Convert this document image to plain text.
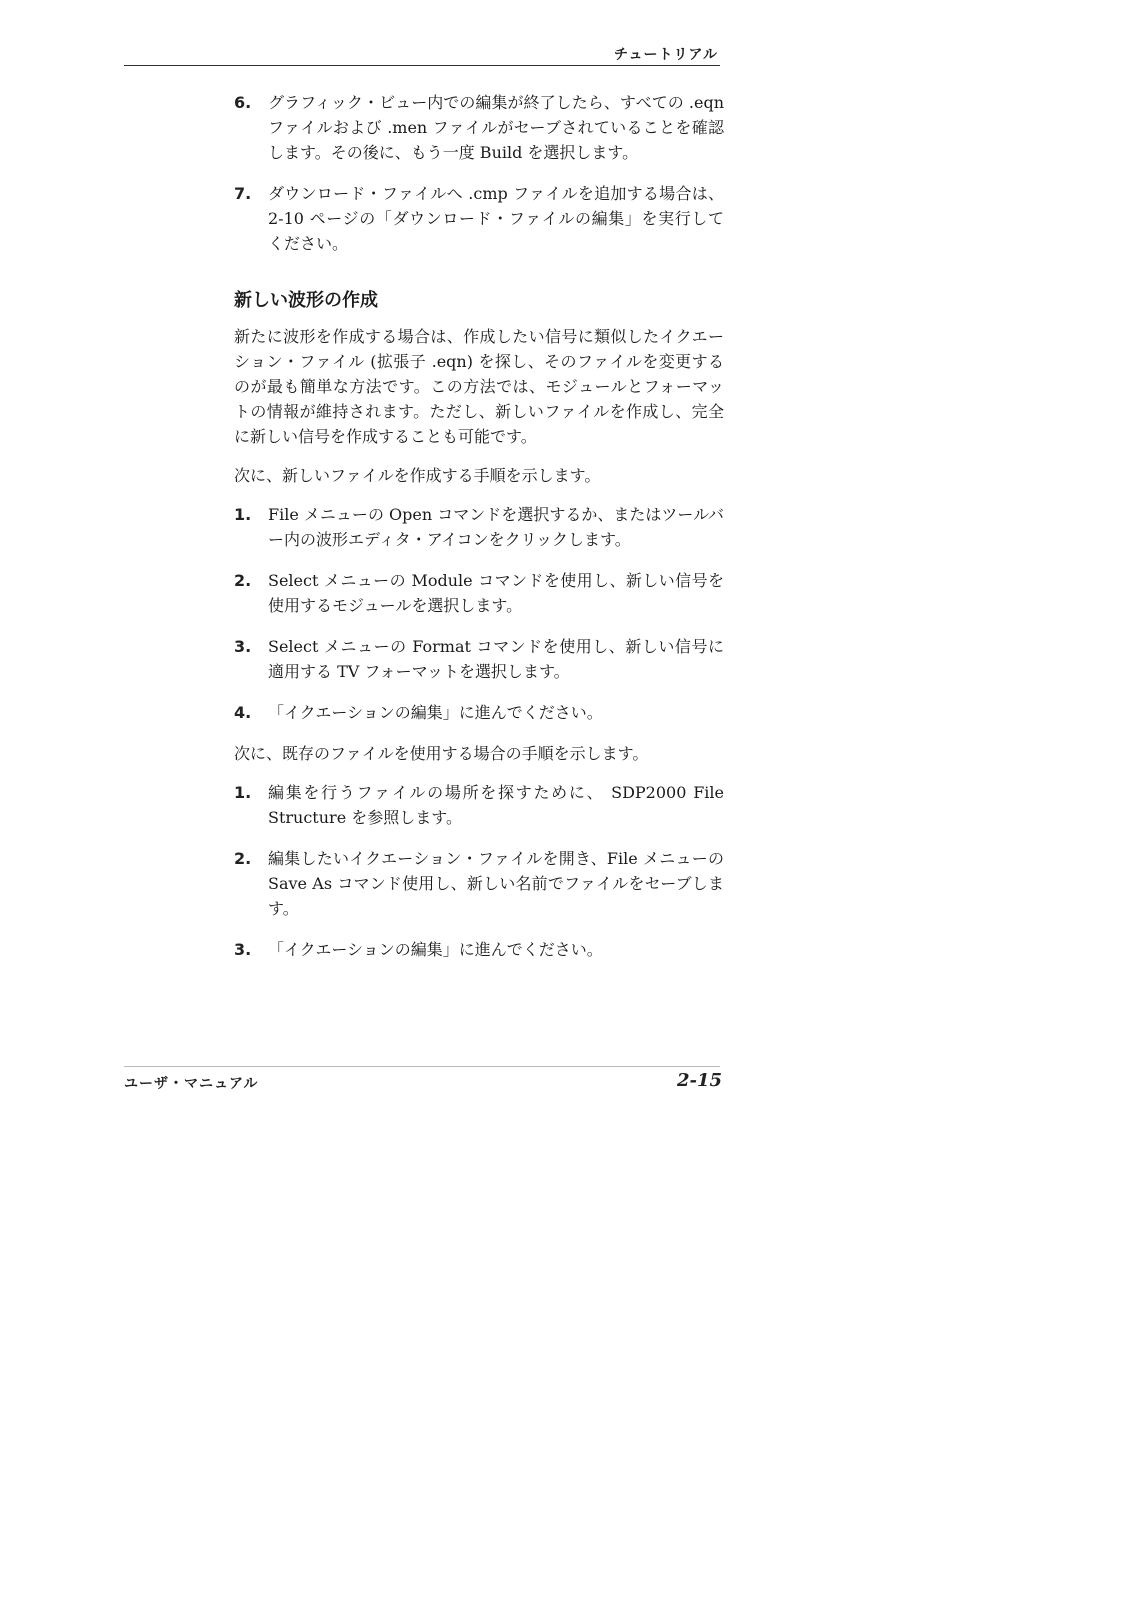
チュートリアル
6.	グラフィック・ビュー内での編集が終了したら、すべての .eqn ファイルおよび .men ファイルがセーブされていることを確認します。その後に、もう一度 Build を選択します。
7.	ダウンロード・ファイルへ .cmp ファイルを追加する場合は、2-10 ページの「ダウンロード・ファイルの編集」を実行してください。
新しい波形の作成

新たに波形を作成する場合は、作成したい信号に類似したイクエーション・ファイル (拡張子 .eqn) を探し、そのファイルを変更するのが最も簡単な方法です。この方法では、モジュールとフォーマットの情報が維持されます。ただし、新しいファイルを作成し、完全に新しい信号を作成することも可能です。

次に、新しいファイルを作成する手順を示します。

1.	File メニューの Open コマンドを選択するか、またはツールバー内の波形エディタ・アイコンをクリックします。
2.	Select メニューの Module コマンドを使用し、新しい信号を使用するモジュールを選択します。
3.	Select メニューの Format コマンドを使用し、新しい信号に適用する TV フォーマットを選択します。
4.	「イクエーションの編集」に進んでください。

次に、既存のファイルを使用する場合の手順を示します。

1.	編集を行うファイルの場所を探すために、 SDP2000 File Structure を参照します。
2.	編集したいイクエーション・ファイルを開き、File メニューの Save As コマンド使用し、新しい名前でファイルをセーブします。
3.	「イクエーションの編集」に進んでください。
ユーザ・マニュアル	2-15
